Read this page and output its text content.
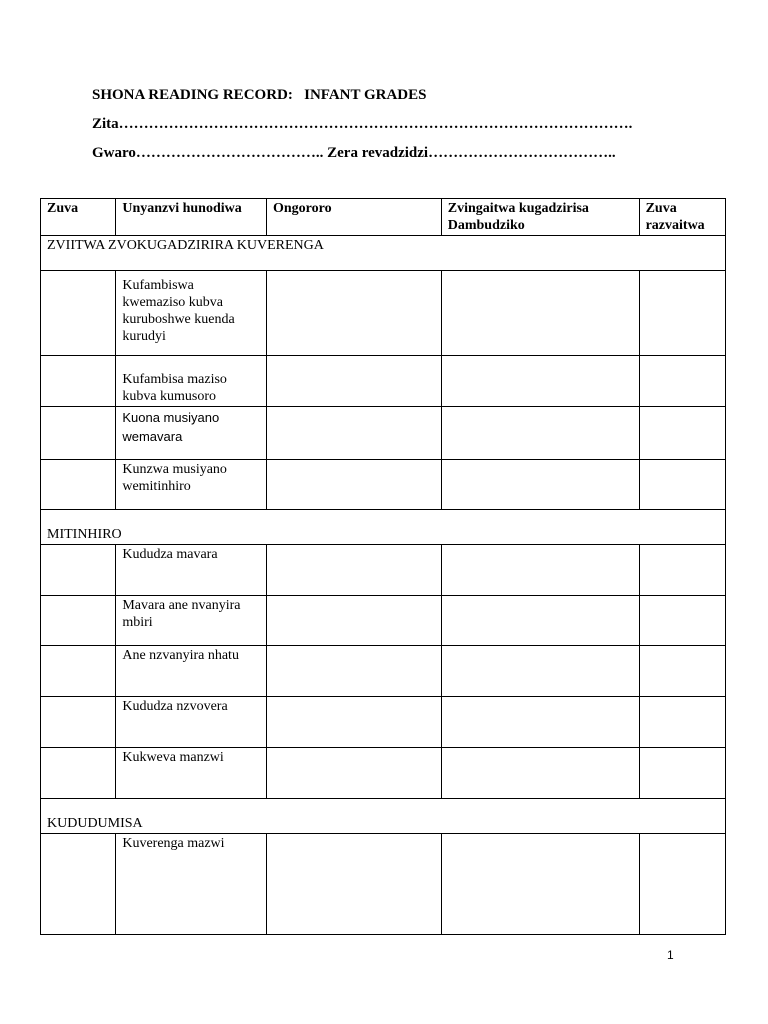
SHONA READING RECORD: INFANT GRADES
Zita………………………………………………………………………………………….
Gwaro……………………………….. Zera revadzidzi………………………………..
Zuva	Unyanzvi hunodiwa	Ongororo	Zvingaitwa kugadzirisa Dambudziko	Zuva razvaitwa
ZVIITWA ZVOKUGADZIRIRA KUVERENGA				
	Kufambiswa kwemaziso kubva kuruboshwe kuenda kurudyi			
	Kufambisa maziso kubva kumusoro			
	Kuona musiyano wemavara			
	Kunzwa musiyano wemitinhiro			
MITINHIRO				
	Kududza mavara			
	Mavara ane nvanyira mbiri			
	Ane nzvanyira nhatu			
	Kududza nzvovera			
	Kukweva manzwi			
KUDUDUMISA				
	Kuverenga mazwi			
1
